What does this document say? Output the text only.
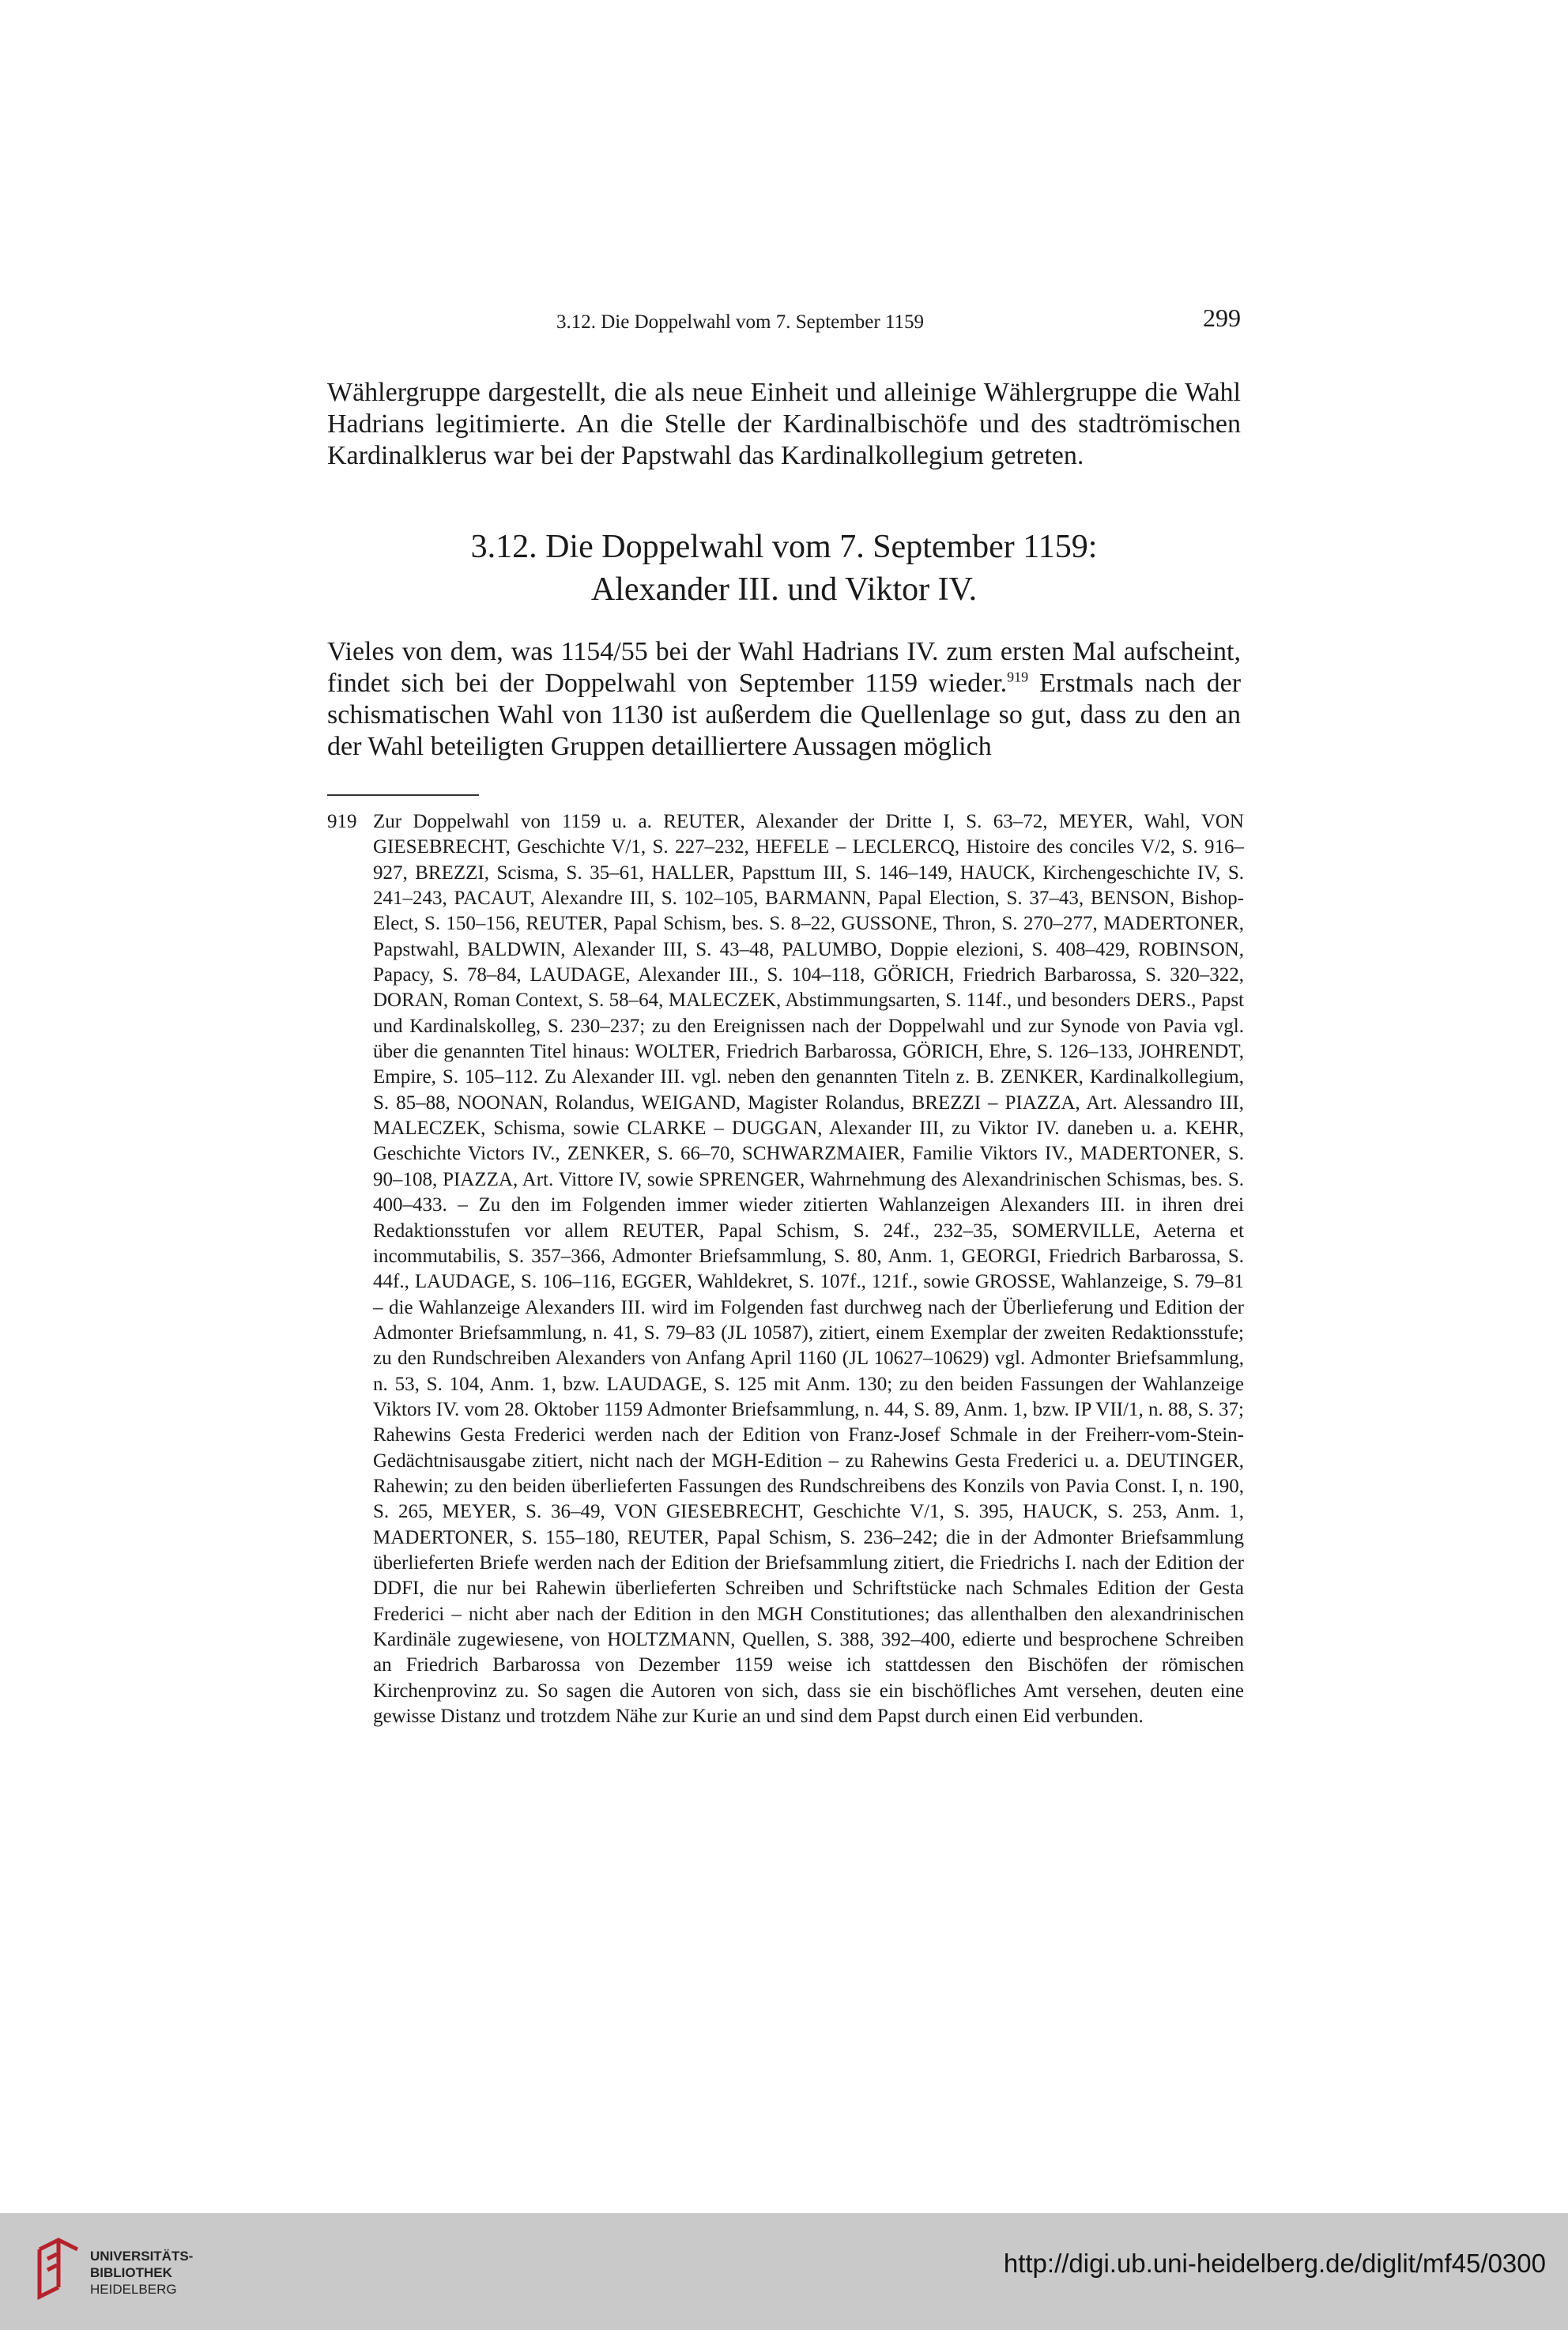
3.12. Die Doppelwahl vom 7. September 1159	299

Wählergruppe dargestellt, die als neue Einheit und alleinige Wählergruppe die Wahl Hadrians legitimierte. An die Stelle der Kardinalbischöfe und des stadtrömischen Kardinalklerus war bei der Papstwahl das Kardinalkollegium getreten.

3.12. Die Doppelwahl vom 7. September 1159:
Alexander III. und Viktor IV.

Vieles von dem, was 1154/55 bei der Wahl Hadrians IV. zum ersten Mal aufscheint, findet sich bei der Doppelwahl von September 1159 wieder.$^{919}$ Erstmals nach der schismatischen Wahl von 1130 ist außerdem die Quellenlage so gut, dass zu den an der Wahl beteiligten Gruppen detailliertere Aussagen möglich

919 Zur Doppelwahl von 1159 u. a. REUTER, Alexander der Dritte I, S. 63–72, MEYER, Wahl, VON GIESEBRECHT, Geschichte V/1, S. 227–232, HEFELE – LECLERCQ, Histoire des conciles V/2, S. 916–927, BREZZI, Scisma, S. 35–61, HALLER, Papsttum III, S. 146–149, HAUCK, Kirchengeschichte IV, S. 241–243, PACAUT, Alexandre III, S. 102–105, BARMANN, Papal Election, S. 37–43, BENSON, Bishop-Elect, S. 150–156, REUTER, Papal Schism, bes. S. 8–22, GUSSONE, Thron, S. 270–277, MADERTONER, Papstwahl, BALDWIN, Alexander III, S. 43–48, PALUMBO, Doppie elezioni, S. 408–429, ROBINSON, Papacy, S. 78–84, LAUDAGE, Alexander III., S. 104–118, GÖRICH, Friedrich Barbarossa, S. 320–322, DORAN, Roman Context, S. 58–64, MALECZEK, Abstimmungsarten, S. 114f., und besonders DERS., Papst und Kardinalskolleg, S. 230–237; zu den Ereignissen nach der Doppelwahl und zur Synode von Pavia vgl. über die genannten Titel hinaus: WOLTER, Friedrich Barbarossa, GÖRICH, Ehre, S. 126–133, JOHRENDT, Empire, S. 105–112. Zu Alexander III. vgl. neben den genannten Titeln z. B. ZENKER, Kardinalkollegium, S. 85–88, NOONAN, Rolandus, WEIGAND, Magister Rolandus, BREZZI – PIAZZA, Art. Alessandro III, MALECZEK, Schisma, sowie CLARKE – DUGGAN, Alexander III, zu Viktor IV. daneben u. a. KEHR, Geschichte Victors IV., ZENKER, S. 66–70, SCHWARZMAIER, Familie Viktors IV., MADERTONER, S. 90–108, PIAZZA, Art. Vittore IV, sowie SPRENGER, Wahrnehmung des Alexandrinischen Schismas, bes. S. 400–433. – Zu den im Folgenden immer wieder zitierten Wahlanzeigen Alexanders III. in ihren drei Redaktionsstufen vor allem REUTER, Papal Schism, S. 24f., 232–35, SOMERVILLE, Aeterna et incommutabilis, S. 357–366, Admonter Briefsammlung, S. 80, Anm. 1, GEORGI, Friedrich Barbarossa, S. 44f., LAUDAGE, S. 106–116, EGGER, Wahldekret, S. 107f., 121f., sowie GROSSE, Wahlanzeige, S. 79–81 – die Wahlanzeige Alexanders III. wird im Folgenden fast durchweg nach der Überlieferung und Edition der Admonter Briefsammlung, n. 41, S. 79–83 (JL 10587), zitiert, einem Exemplar der zweiten Redaktionsstufe; zu den Rundschreiben Alexanders von Anfang April 1160 (JL 10627–10629) vgl. Admonter Briefsammlung, n. 53, S. 104, Anm. 1, bzw. LAUDAGE, S. 125 mit Anm. 130; zu den beiden Fassungen der Wahlanzeige Viktors IV. vom 28. Oktober 1159 Admonter Briefsammlung, n. 44, S. 89, Anm. 1, bzw. IP VII/1, n. 88, S. 37; Rahewins Gesta Frederici werden nach der Edition von Franz-Josef Schmale in der Freiherr-vom-Stein-Gedächtnisausgabe zitiert, nicht nach der MGH-Edition – zu Rahewins Gesta Frederici u. a. DEUTINGER, Rahewin; zu den beiden überlieferten Fassungen des Rundschreibens des Konzils von Pavia Const. I, n. 190, S. 265, MEYER, S. 36–49, VON GIESEBRECHT, Geschichte V/1, S. 395, HAUCK, S. 253, Anm. 1, MADERTONER, S. 155–180, REUTER, Papal Schism, S. 236–242; die in der Admonter Briefsammlung überlieferten Briefe werden nach der Edition der Briefsammlung zitiert, die Friedrichs I. nach der Edition der DDFI, die nur bei Rahewin überlieferten Schreiben und Schriftstücke nach Schmales Edition der Gesta Frederici – nicht aber nach der Edition in den MGH Constitutiones; das allenthalben den alexandrinischen Kardinäle zugewiesene, von HOLTZMANN, Quellen, S. 388, 392–400, edierte und besprochene Schreiben an Friedrich Barbarossa von Dezember 1159 weise ich stattdessen den Bischöfen der römischen Kirchenprovinz zu. So sagen die Autoren von sich, dass sie ein bischöfliches Amt versehen, deuten eine gewisse Distanz und trotzdem Nähe zur Kurie an und sind dem Papst durch einen Eid verbunden.
UNIVERSITÄTS-
BIBLIOTHEK
HEIDELBERG
http://digi.ub.uni-heidelberg.de/diglit/mf45/0300
